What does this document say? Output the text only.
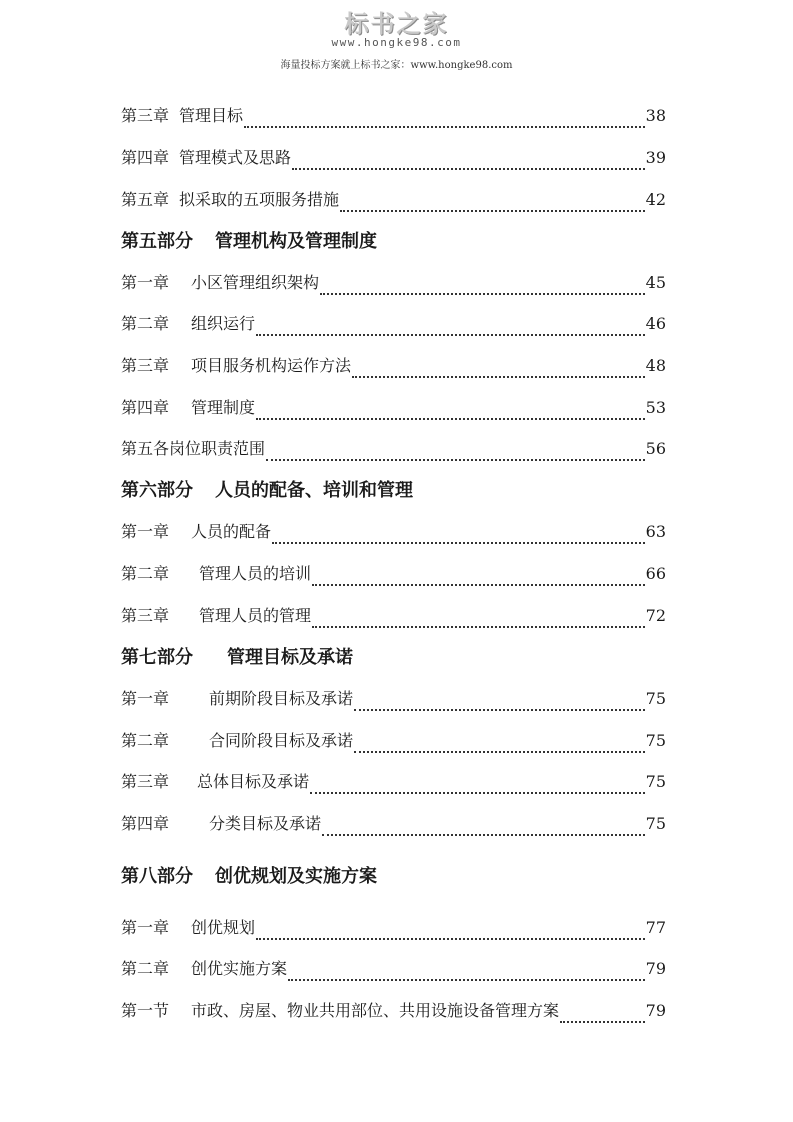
标书之家
www.hongke98.com
海量投标方案就上标书之家：www.hongke98.com
第三章 管理目标	38
第四章 管理模式及思路	39
第五章 拟采取的五项服务措施	42
第五部分 管理机构及管理制度
第一章 小区管理组织架构	45
第二章 组织运行	46
第三章 项目服务机构运作方法	48
第四章 管理制度	53
第五各岗位职责范围	56
第六部分 人员的配备、培训和管理
第一章 人员的配备	63
第二章 管理人员的培训	66
第三章 管理人员的管理	72
第七部分 管理目标及承诺
第一章	前期阶段目标及承诺	75
第二章	合同阶段目标及承诺	75
第三章 总体目标及承诺	75
第四章	分类目标及承诺	75
第八部分 创优规划及实施方案
第一章 创优规划	77
第二章 创优实施方案	79
第一节 市政、房屋、物业共用部位、共用设施设备管理方案	79
